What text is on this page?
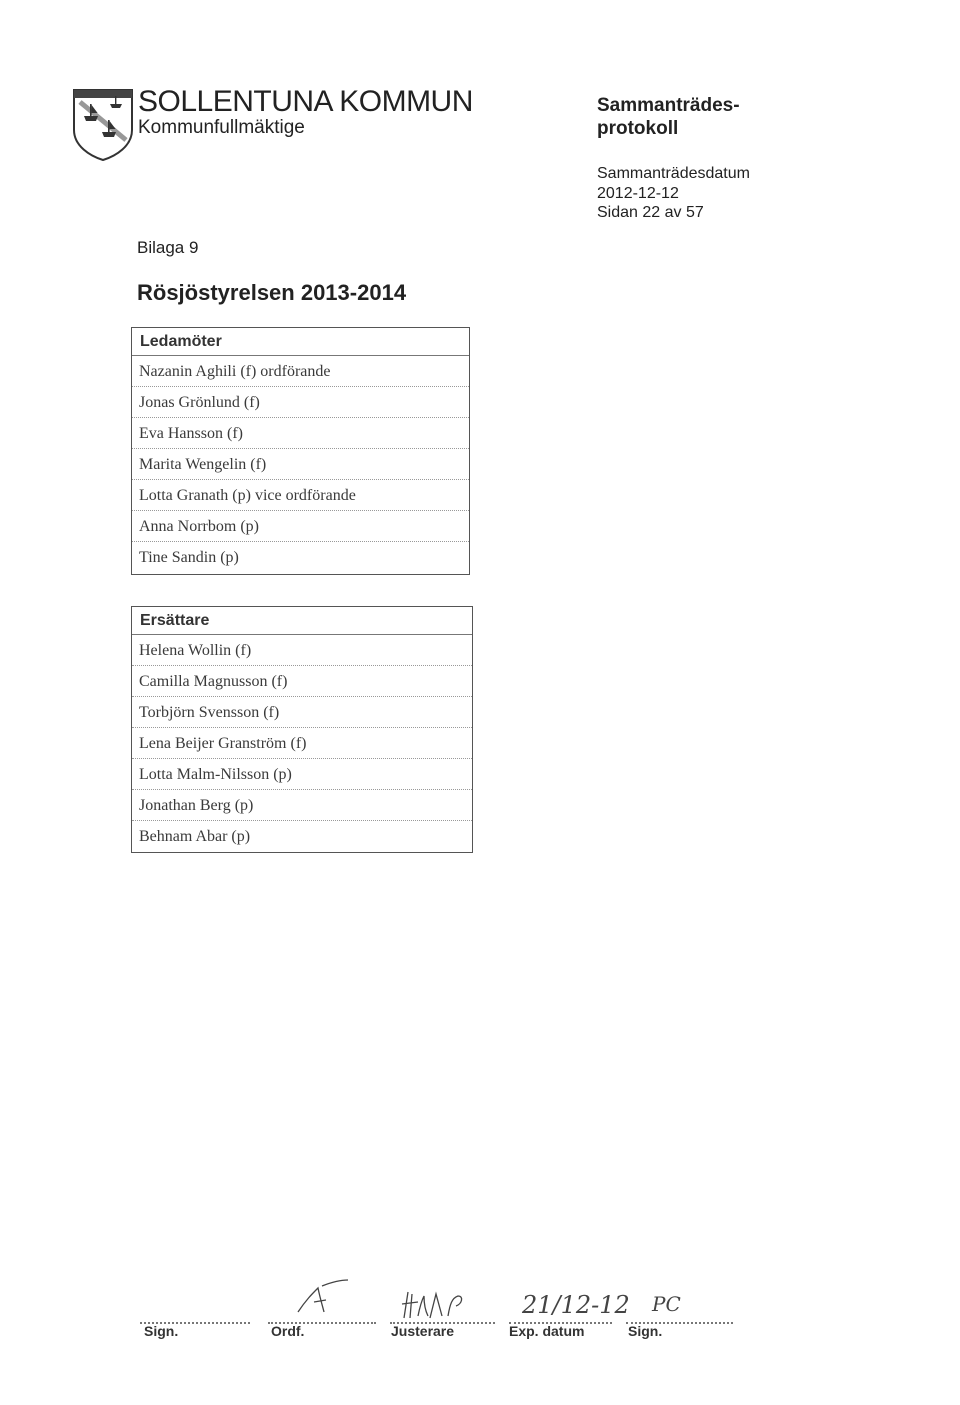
SOLLENTUNA KOMMUN
Kommunfullmäktige
Sammanträdes-
protokoll
Sammanträdesdatum
2012-12-12
Sidan 22 av 57
Bilaga 9
Rösjöstyrelsen 2013-2014
Ledamöter
Nazanin Aghili (f) ordförande
Jonas Grönlund (f)
Eva Hansson (f)
Marita Wengelin (f)
Lotta Granath (p) vice ordförande
Anna Norrbom (p)
Tine Sandin (p)
Ersättare
Helena Wollin (f)
Camilla Magnusson (f)
Torbjörn Svensson (f)
Lena Beijer Granström (f)
Lotta Malm-Nilsson (p)
Jonathan Berg (p)
Behnam Abar (p)
21/12-12 PC
Sign.	Ordf.	Justerare	Exp. datum	Sign.
